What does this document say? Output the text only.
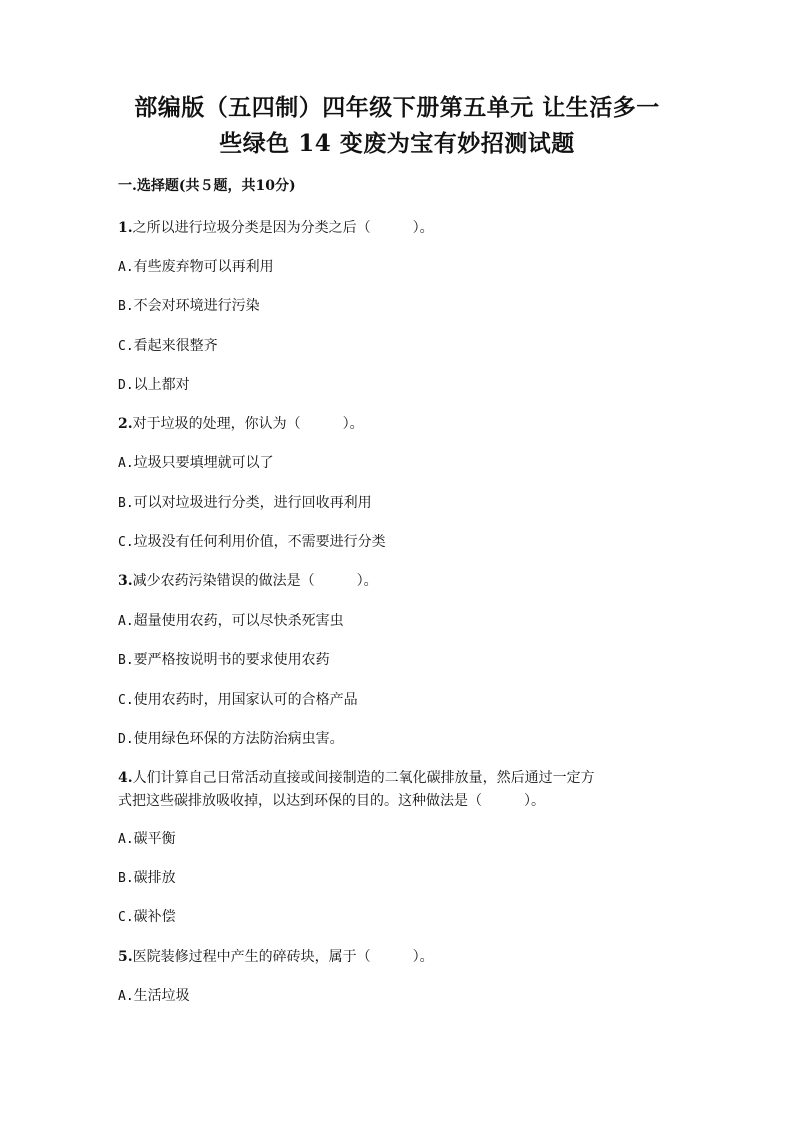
部编版（五四制）四年级下册第五单元 让生活多一
些绿色 14 变废为宝有妙招测试题
一.选择题(共５题，共10分)
1.之所以进行垃圾分类是因为分类之后（　　　）。
A.有些废弃物可以再利用
B.不会对环境进行污染
C.看起来很整齐
D.以上都对
2.对于垃圾的处理，你认为（　　　）。
A.垃圾只要填埋就可以了
B.可以对垃圾进行分类，进行回收再利用
C.垃圾没有任何利用价值，不需要进行分类
3.减少农药污染错误的做法是（　　　）。
A.超量使用农药，可以尽快杀死害虫
B.要严格按说明书的要求使用农药
C.使用农药时，用国家认可的合格产品
D.使用绿色环保的方法防治病虫害。
4.人们计算自己日常活动直接或间接制造的二氧化碳排放量，然后通过一定方
式把这些碳排放吸收掉，以达到环保的目的。这种做法是（　　　）。
A.碳平衡
B.碳排放
C.碳补偿
5.医院装修过程中产生的碎砖块，属于（　　　）。
A.生活垃圾
